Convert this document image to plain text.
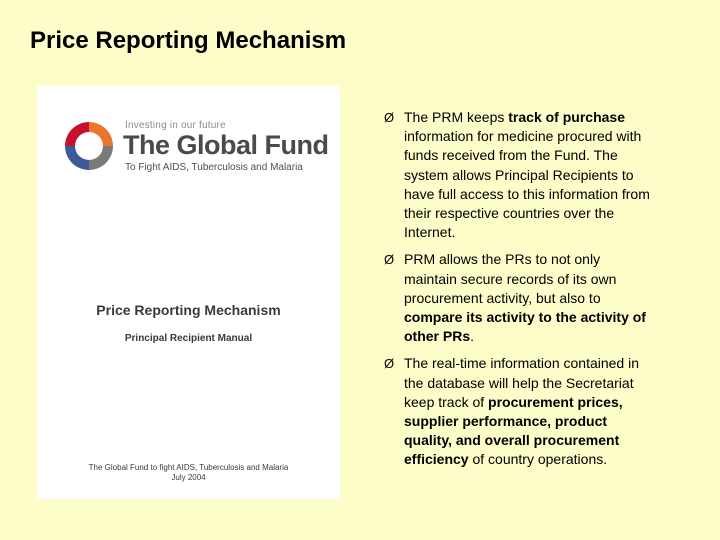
Price Reporting Mechanism
Investing in our future
The Global Fund
To Fight AIDS, Tuberculosis and Malaria
Price Reporting Mechanism
Principal Recipient Manual
The Global Fund to fight AIDS, Tuberculosis and Malaria
July 2004
Ø The PRM keeps track of purchase information for medicine procured with funds received from the Fund. The system allows Principal Recipients to have full access to this information from their respective countries over the Internet.
Ø PRM allows the PRs to not only maintain secure records of its own procurement activity, but also to compare its activity to the activity of other PRs.
Ø The real-time information contained in the database will help the Secretariat keep track of procurement prices, supplier performance, product quality, and overall procurement efficiency of country operations.
